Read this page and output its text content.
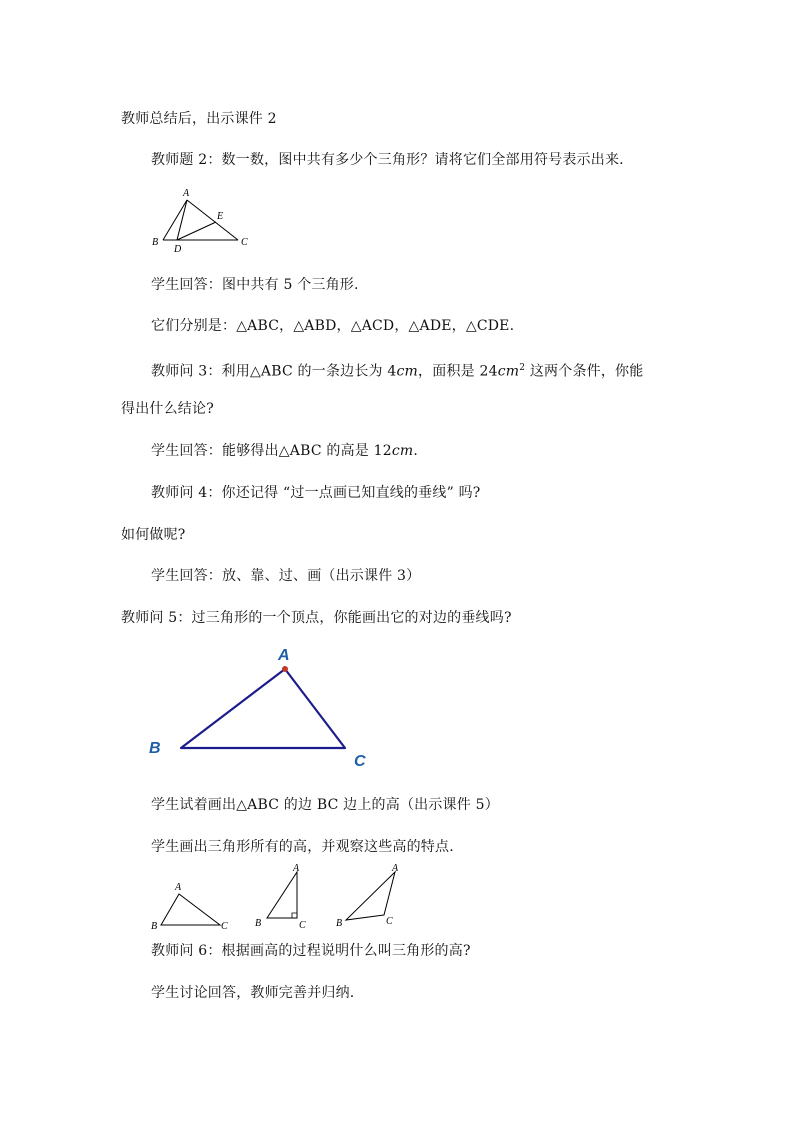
教师总结后，出示课件 2
教师题 2：数一数，图中共有多少个三角形？请将它们全部用符号表示出来.
A
B	C
D
E
学生回答：图中共有 5 个三角形.
它们分别是：△ABC，△ABD，△ACD，△ADE，△CDE.
教师问 3：利用△ABC 的一条边长为 4cm，面积是 $24cm^2$ 这两个条件，你能
得出什么结论?
学生回答：能够得出△ABC 的高是 12cm.
教师问 4：你还记得 “过一点画已知直线的垂线” 吗?
如何做呢?
学生回答：放、靠、过、画（出示课件 3）
教师问 5：过三角形的一个顶点，你能画出它的对边的垂线吗?
A
B
C
学生试着画出△ABC 的边 BC 边上的高（出示课件 5）
学生画出三角形所有的高，并观察这些高的特点.
A
B	C
A
B	C
A
B	C
教师问 6：根据画高的过程说明什么叫三角形的高?
学生讨论回答，教师完善并归纳.
